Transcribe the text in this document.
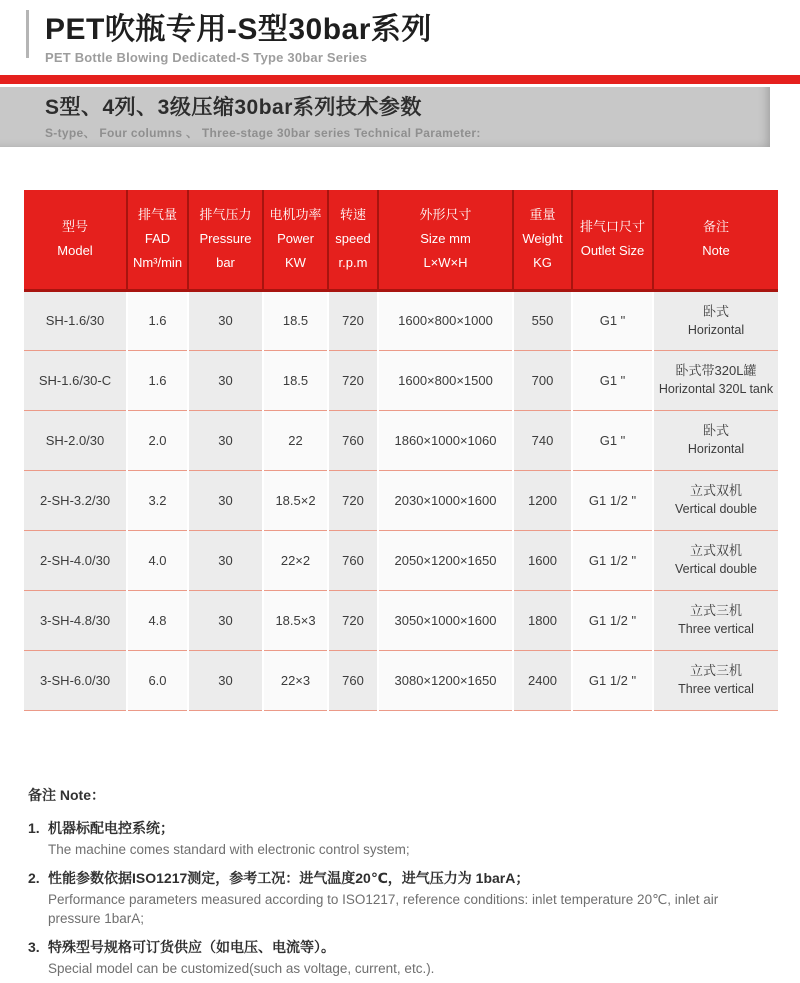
PET吹瓶专用-S型30bar系列
PET Bottle Blowing Dedicated-S Type 30bar Series
S型、4列、3级压缩30bar系列技术参数
S-type、 Four columns 、 Three-stage 30bar series Technical Parameter:
型号
Model	排气量
FAD
Nm³/min	排气压力
Pressure
bar	电机功率
Power
KW	转速
speed
r.p.m	外形尺寸
Size mm
L×W×H	重量
Weight
KG	排气口尺寸
Outlet Size	备注
Note

SH-1.6/30	1.6	30	18.5	720	1600×800×1000	550	G1 "	卧式
Horizontal

SH-1.6/30-C	1.6	30	18.5	720	1600×800×1500	700	G1 "	卧式带320L罐
Horizontal 320L tank

SH-2.0/30	2.0	30	22	760	1860×1000×1060	740	G1 "	卧式
Horizontal

2-SH-3.2/30	3.2	30	18.5×2	720	2030×1000×1600	1200	G1 1/2 "	立式双机
Vertical double

2-SH-4.0/30	4.0	30	22×2	760	2050×1200×1650	1600	G1 1/2 "	立式双机
Vertical double

3-SH-4.8/30	4.8	30	18.5×3	720	3050×1000×1600	1800	G1 1/2 "	立式三机
Three vertical

3-SH-6.0/30	6.0	30	22×3	760	3080×1200×1650	2400	G1 1/2 "	立式三机
Three vertical
备注 Note：
1. 机器标配电控系统；
The machine comes standard with electronic control system;
2. 性能参数依据ISO1217测定，参考工况：进气温度20℃，进气压力为 1barA；
Performance parameters measured according to ISO1217, reference conditions: inlet temperature 20℃, inlet air pressure 1barA;
3. 特殊型号规格可订货供应（如电压、电流等）。
Special model can be customized(such as voltage, current, etc.).
